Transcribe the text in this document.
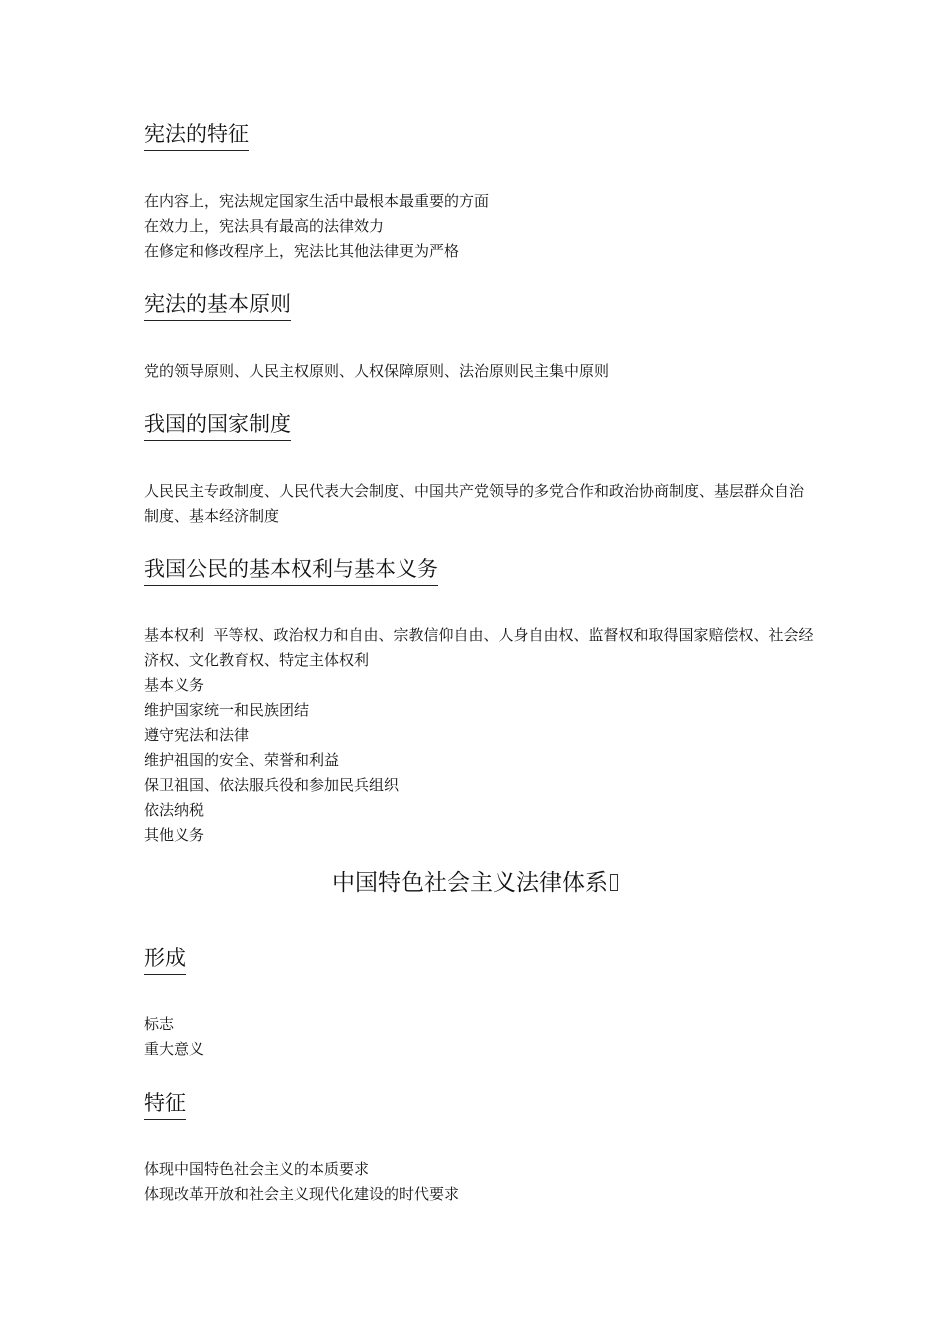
宪法的特征
在内容上，宪法规定国家生活中最根本最重要的方面
在效力上，宪法具有最高的法律效力
在修定和修改程序上，宪法比其他法律更为严格
宪法的基本原则
党的领导原则、人民主权原则、人权保障原则、法治原则民主集中原则
我国的国家制度
人民民主专政制度、人民代表大会制度、中国共产党领导的多党合作和政治协商制度、基层群众自治制度、基本经济制度
我国公民的基本权利与基本义务
基本权利  平等权、政治权力和自由、宗教信仰自由、人身自由权、监督权和取得国家赔偿权、社会经济权、文化教育权、特定主体权利
基本义务
维护国家统一和民族团结
遵守宪法和法律
维护祖国的安全、荣誉和利益
保卫祖国、依法服兵役和参加民兵组织
依法纳税
其他义务
中国特色社会主义法律体系
形成
标志
重大意义
特征
体现中国特色社会主义的本质要求
体现改革开放和社会主义现代化建设的时代要求
